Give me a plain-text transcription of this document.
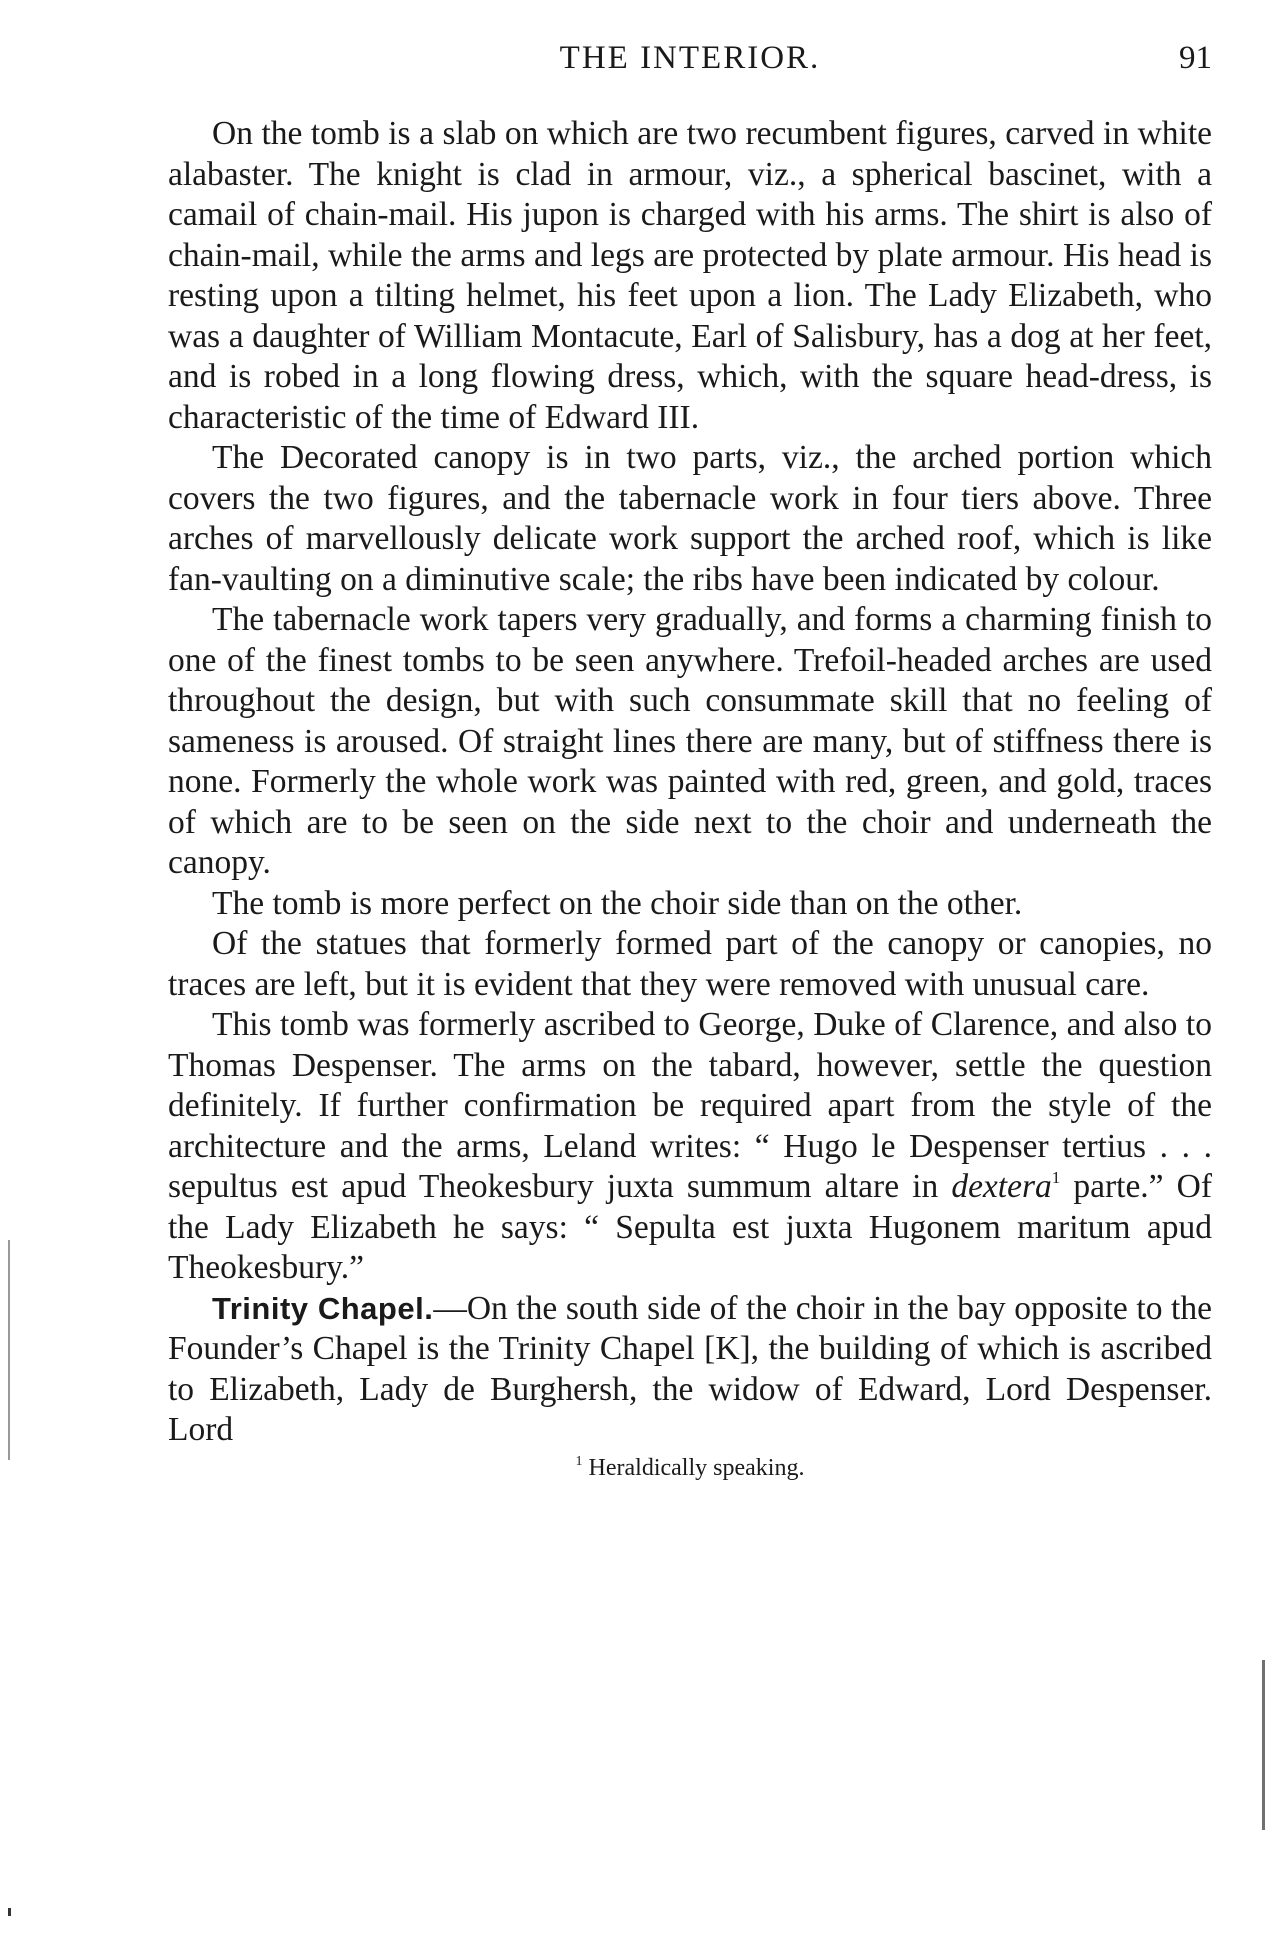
THE INTERIOR.	91

On the tomb is a slab on which are two recumbent figures, carved in white alabaster. The knight is clad in armour, viz., a spherical bascinet, with a camail of chain-mail. His jupon is charged with his arms. The shirt is also of chain-mail, while the arms and legs are protected by plate armour. His head is resting upon a tilting helmet, his feet upon a lion. The Lady Elizabeth, who was a daughter of William Montacute, Earl of Salisbury, has a dog at her feet, and is robed in a long flowing dress, which, with the square head-dress, is characteristic of the time of Edward III.

The Decorated canopy is in two parts, viz., the arched portion which covers the two figures, and the tabernacle work in four tiers above. Three arches of marvellously delicate work support the arched roof, which is like fan-vaulting on a diminutive scale; the ribs have been indicated by colour.

The tabernacle work tapers very gradually, and forms a charming finish to one of the finest tombs to be seen anywhere. Trefoil-headed arches are used throughout the design, but with such consummate skill that no feeling of sameness is aroused. Of straight lines there are many, but of stiffness there is none. Formerly the whole work was painted with red, green, and gold, traces of which are to be seen on the side next to the choir and underneath the canopy.

The tomb is more perfect on the choir side than on the other.

Of the statues that formerly formed part of the canopy or canopies, no traces are left, but it is evident that they were removed with unusual care.

This tomb was formerly ascribed to George, Duke of Clarence, and also to Thomas Despenser. The arms on the tabard, however, settle the question definitely. If further confirmation be required apart from the style of the architecture and the arms, Leland writes: “ Hugo le Despenser tertius . . . sepultus est apud Theokesbury juxta summum altare in dextera$^1$ parte.” Of the Lady Elizabeth he says: “ Sepulta est juxta Hugonem maritum apud Theokesbury.”

Trinity Chapel.—On the south side of the choir in the bay opposite to the Founder’s Chapel is the Trinity Chapel [K], the building of which is ascribed to Elizabeth, Lady de Burghersh, the widow of Edward, Lord Despenser. Lord

$^1$ Heraldically speaking.
